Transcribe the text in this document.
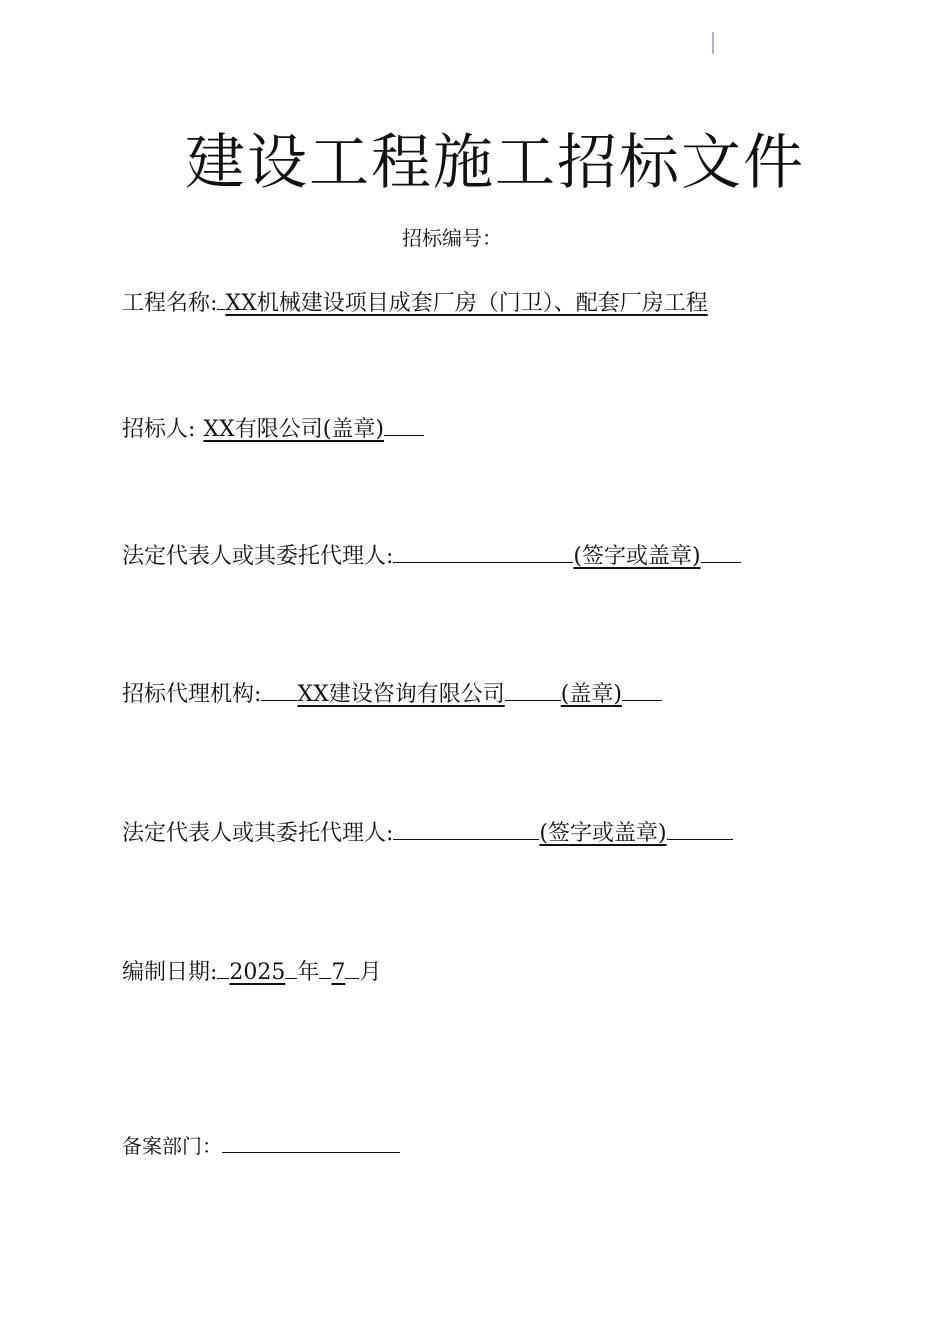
建设工程施工招标文件
招标编号：
工程名称: XX机械建设项目成套厂房（门卫）、配套厂房工程
招标人: XX有限公司(盖章)
法定代表人或其委托代理人:	(签字或盖章)
招标代理机构: XX建设咨询有限公司	(盖章)
法定代表人或其委托代理人:	(签字或盖章)
编制日期: 2025 年 7 月
备案部门：
